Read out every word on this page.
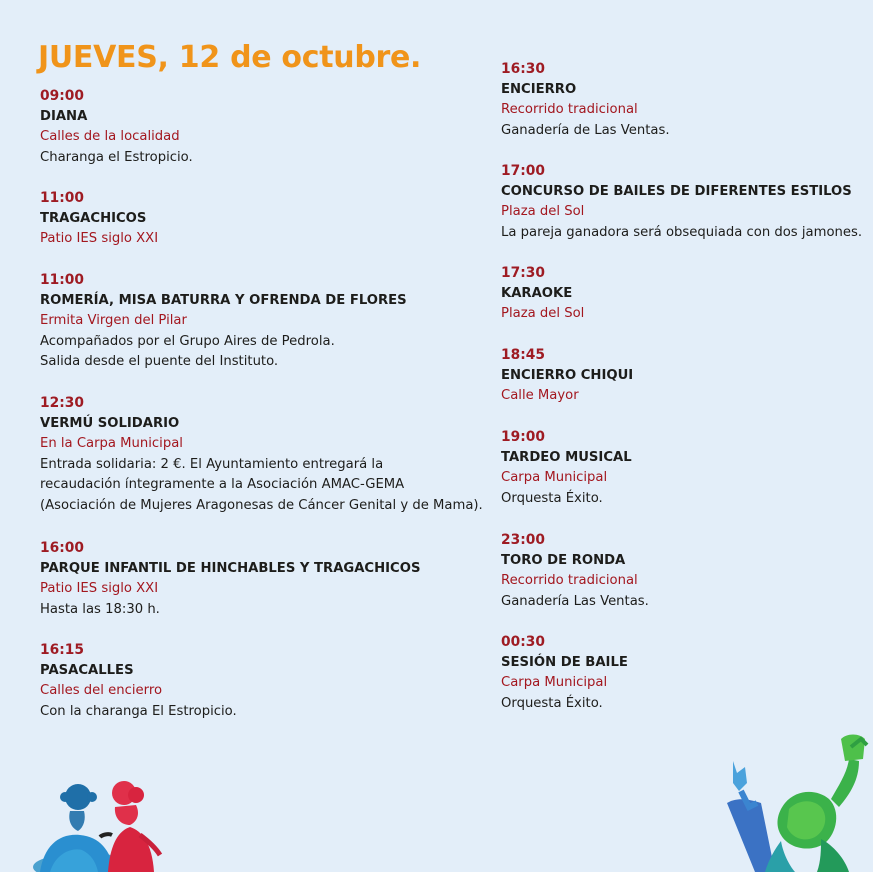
JUEVES, 12 de octubre.
09:00
DIANA
Calles de la localidad
Charanga el Estropicio.
11:00
TRAGACHICOS
Patio IES siglo XXI
11:00
ROMERÍA, MISA BATURRA Y OFRENDA DE FLORES
Ermita Virgen del Pilar
Acompañados por el Grupo Aires de Pedrola.
Salida desde el puente del Instituto.
12:30
VERMÚ SOLIDARIO
En la Carpa Municipal
Entrada solidaria: 2 €. El Ayuntamiento entregará la
recaudación íntegramente a la Asociación AMAC-GEMA
(Asociación de Mujeres Aragonesas de Cáncer Genital y de Mama).
16:00
PARQUE INFANTIL DE HINCHABLES Y TRAGACHICOS
Patio IES siglo XXI
Hasta las 18:30 h.
16:15
PASACALLES
Calles del encierro
Con la charanga El Estropicio.
16:30
ENCIERRO
Recorrido tradicional
Ganadería de Las Ventas.
17:00
CONCURSO DE BAILES DE DIFERENTES ESTILOS
Plaza del Sol
La pareja ganadora será obsequiada con dos jamones.
17:30
KARAOKE
Plaza del Sol
18:45
ENCIERRO CHIQUI
Calle Mayor
19:00
TARDEO MUSICAL
Carpa Municipal
Orquesta Éxito.
23:00
TORO DE RONDA
Recorrido tradicional
Ganadería Las Ventas.
00:30
SESIÓN DE BAILE
Carpa Municipal
Orquesta Éxito.
